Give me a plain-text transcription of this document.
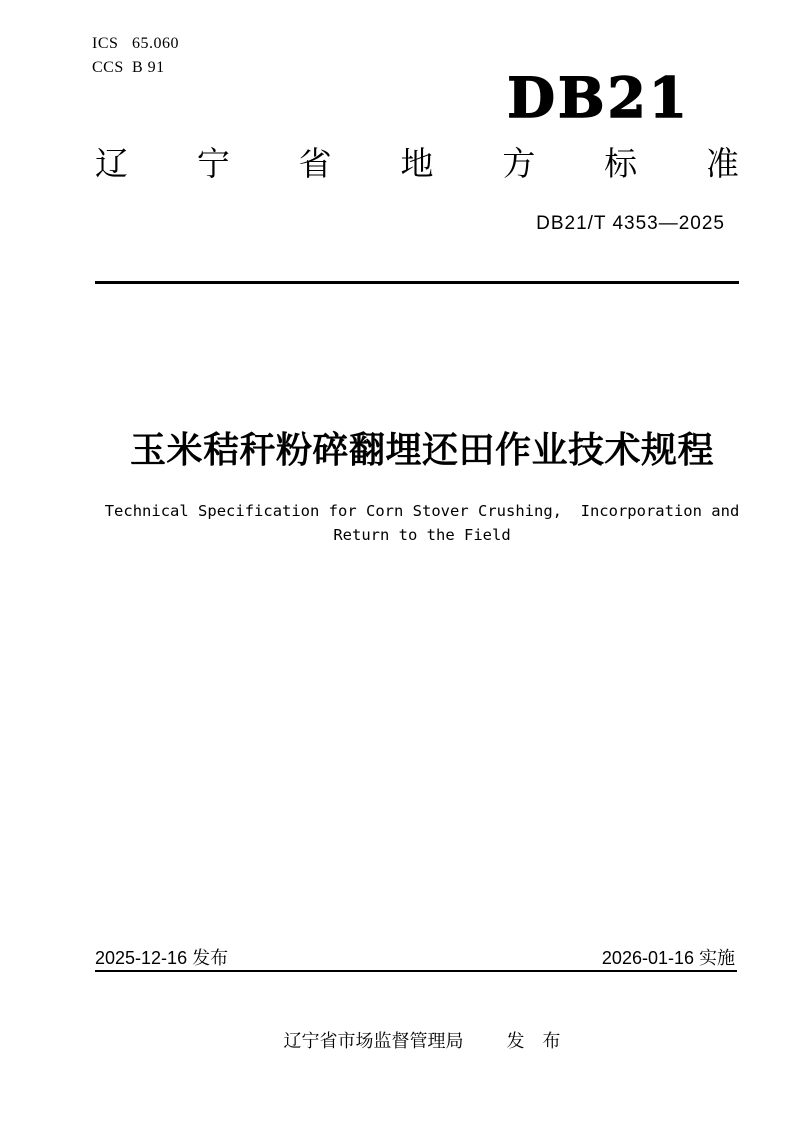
ICS 65.060
CCS B 91	DB21
辽 宁 省 地 方 标 准
DB21/T 4353—2025
玉米秸秆粉碎翻埋还田作业技术规程
Technical Specification for Corn Stover Crushing,  Incorporation and
Return to the Field
2025-12-16 发布	2026-01-16 实施
辽宁省市场监督管理局 发　布
